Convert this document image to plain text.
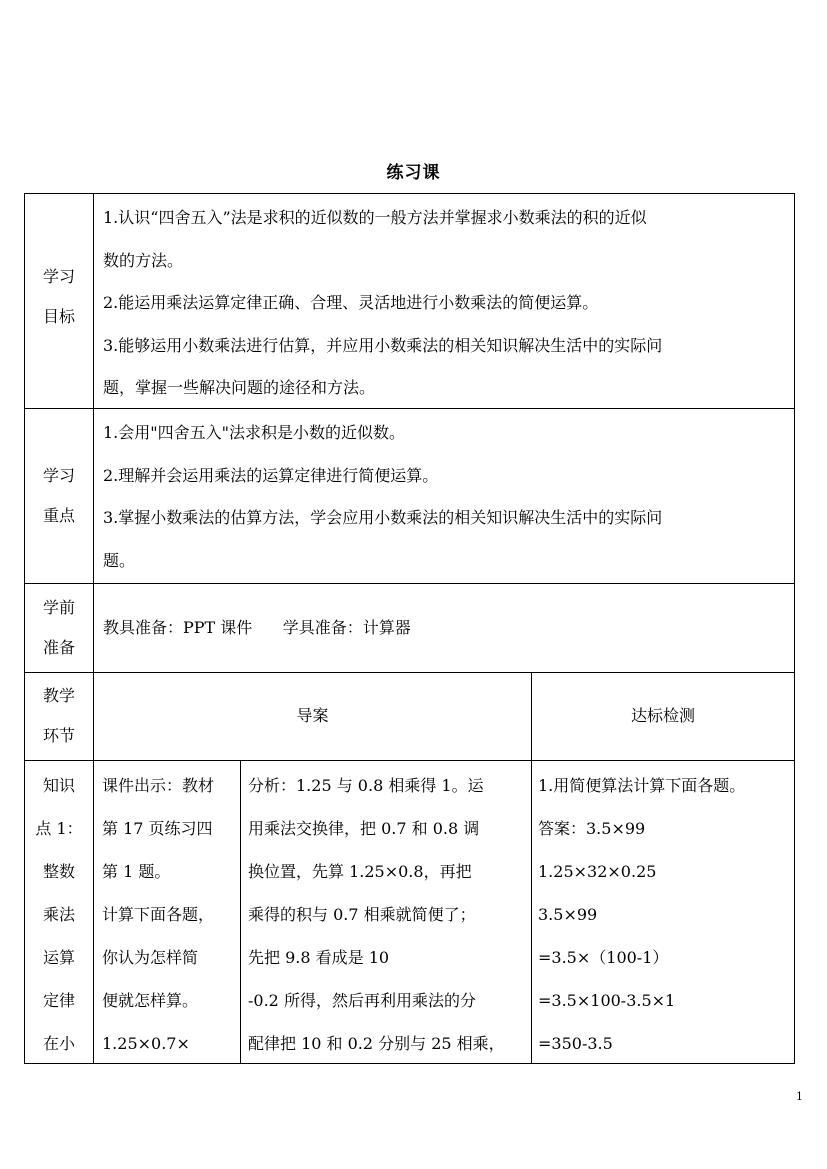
练习课

学习

目标

1.认识“四舍五入”法是求积的近似数的一般方法并掌握求小数乘法的积的近似

数的方法。

2.能运用乘法运算定律正确、合理、灵活地进行小数乘法的简便运算。

3.能够运用小数乘法进行估算，并应用小数乘法的相关知识解决生活中的实际问

题，掌握一些解决问题的途径和方法。

学习

重点

1.会用"四舍五入"法求积是小数的近似数。

2.理解并会运用乘法的运算定律进行简便运算。

3.掌握小数乘法的估算方法，学会应用小数乘法的相关知识解决生活中的实际问

题。

学前

准备

教具准备：PPT 课件      学具准备：计算器

教学

环节

导案	达标检测

知识

点 1：

整数

乘法

运算

定律

在小

课件出示：教材

第 17 页练习四

第 1 题。

计算下面各题，

你认为怎样简

便就怎样算。

1.25×0.7×

分析：1.25 与 0.8 相乘得 1。运

用乘法交换律，把 0.7 和 0.8 调

换位置，先算 1.25×0.8，再把

乘得的积与 0.7 相乘就简便了；

先把 9.8 看成是 10

-0.2 所得，然后再利用乘法的分

配律把 10 和 0.2 分别与 25 相乘，

1.用简便算法计算下面各题。

答案：3.5×99

1.25×32×0.25

3.5×99

=3.5×（100-1）

=3.5×100-3.5×1

=350-3.5

1
